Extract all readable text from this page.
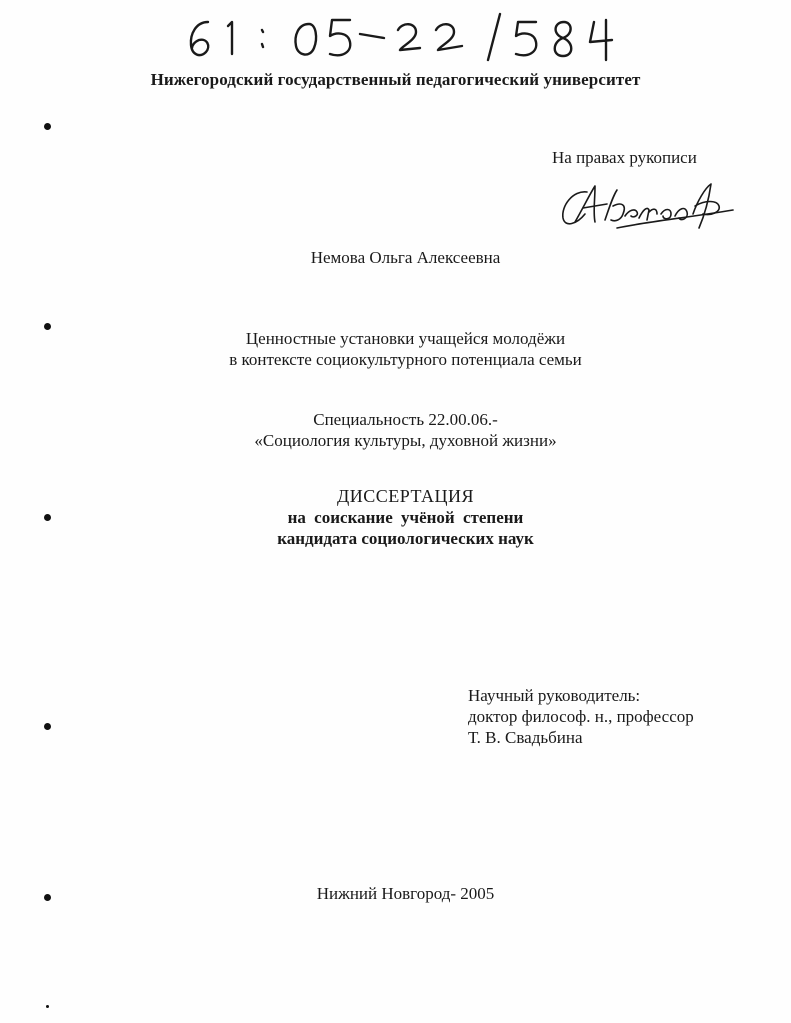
Нижегородский государственный педагогический университет
На правах рукописи
Немова Ольга Алексеевна
Ценностные установки учащейся молодёжи
в контексте социокультурного потенциала семьи
Специальность 22.00.06.-
«Социология культуры, духовной жизни»
ДИССЕРТАЦИЯ
на соискание учёной степени
кандидата социологических наук
Научный руководитель:
доктор философ. н., профессор
Т. В. Свадьбина
Нижний Новгород- 2005
